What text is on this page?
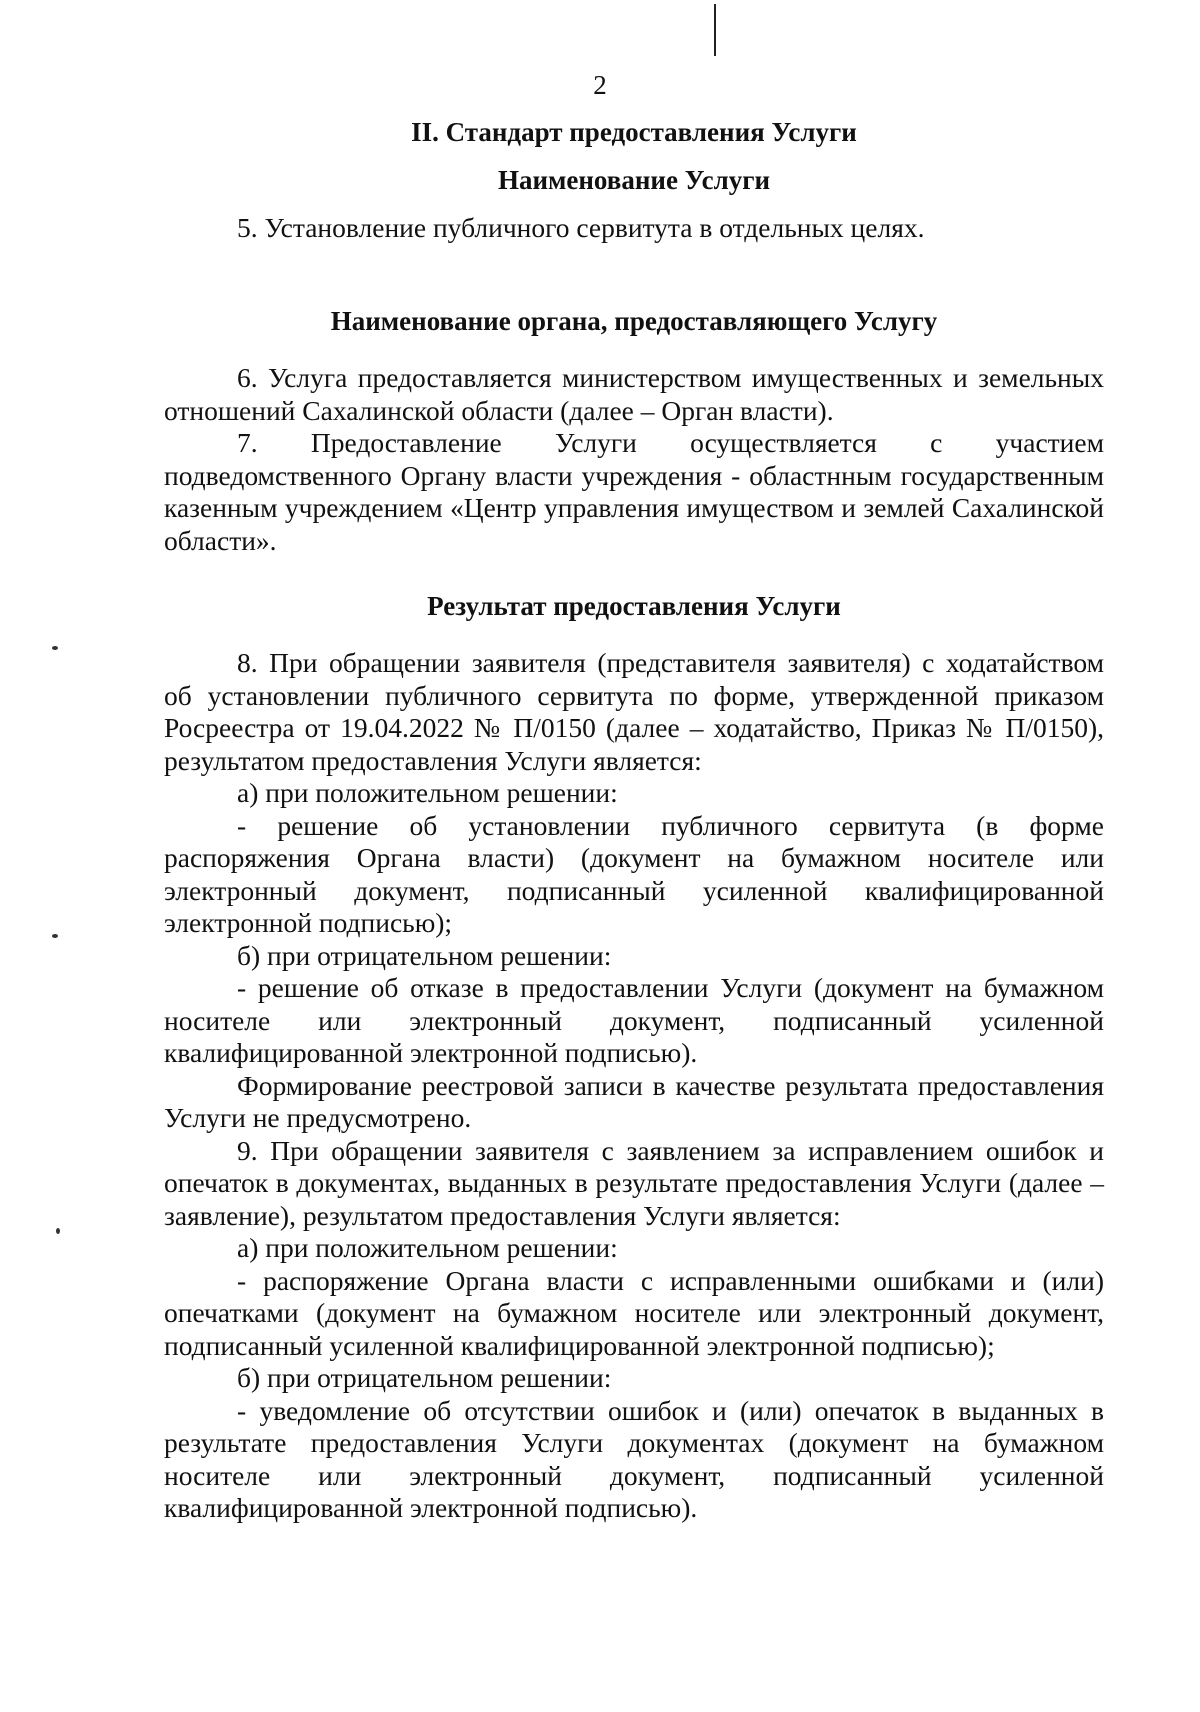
2
II. Стандарт предоставления Услуги
Наименование Услуги

5. Установление публичного сервитута в отдельных целях.

Наименование органа, предоставляющего Услугу

6. Услуга предоставляется министерством имущественных и земельных отношений Сахалинской области (далее – Орган власти).

7. Предоставление Услуги осуществляется с участием подведомственного Органу власти учреждения - областнным государственным казенным учреждением «Центр управления имуществом и землей Сахалинской области».

Результат предоставления Услуги

8. При обращении заявителя (представителя заявителя) с ходатайством об установлении публичного сервитута по форме, утвержденной приказом Росреестра от 19.04.2022 № П/0150 (далее – ходатайство, Приказ № П/0150), результатом предоставления Услуги является:

а) при положительном решении:

- решение об установлении публичного сервитута (в форме распоряжения Органа власти) (документ на бумажном носителе или электронный документ, подписанный усиленной квалифицированной электронной подписью);

б) при отрицательном решении:

- решение об отказе в предоставлении Услуги (документ на бумажном носителе или электронный документ, подписанный усиленной квалифицированной электронной подписью).

Формирование реестровой записи в качестве результата предоставления Услуги не предусмотрено.

9. При обращении заявителя с заявлением за исправлением ошибок и опечаток в документах, выданных в результате предоставления Услуги (далее – заявление), результатом предоставления Услуги является:

а) при положительном решении:

- распоряжение Органа власти с исправленными ошибками и (или) опечатками (документ на бумажном носителе или электронный документ, подписанный усиленной квалифицированной электронной подписью);

б) при отрицательном решении:

- уведомление об отсутствии ошибок и (или) опечаток в выданных в результате предоставления Услуги документах (документ на бумажном носителе или электронный документ, подписанный усиленной квалифицированной электронной подписью).
